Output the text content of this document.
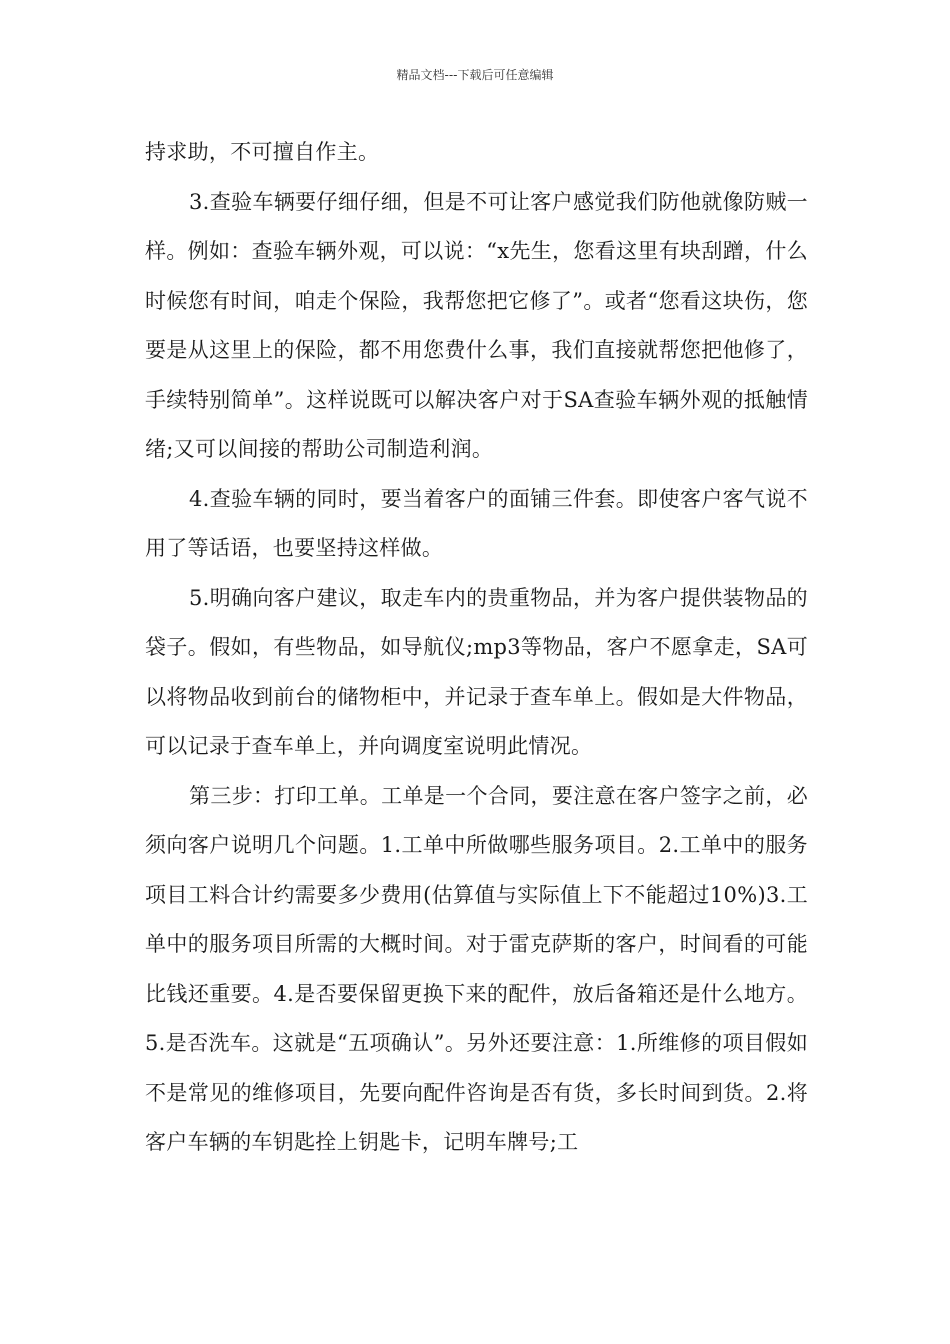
精品文档---下载后可任意编辑

持求助，不可擅自作主。

3.查验车辆要仔细仔细，但是不可让客户感觉我们防他就像防贼一样。例如：查验车辆外观，可以说：“x先生，您看这里有块刮蹭，什么时候您有时间，咱走个保险，我帮您把它修了”。或者“您看这块伤，您要是从这里上的保险，都不用您费什么事，我们直接就帮您把他修了，手续特别简单”。这样说既可以解决客户对于SA查验车辆外观的抵触情绪;又可以间接的帮助公司制造利润。

4.查验车辆的同时，要当着客户的面铺三件套。即使客户客气说不用了等话语，也要坚持这样做。

5.明确向客户建议，取走车内的贵重物品，并为客户提供装物品的袋子。假如，有些物品，如导航仪;mp3等物品，客户不愿拿走，SA可以将物品收到前台的储物柜中，并记录于查车单上。假如是大件物品，可以记录于查车单上，并向调度室说明此情况。

第三步：打印工单。工单是一个合同，要注意在客户签字之前，必须向客户说明几个问题。1.工单中所做哪些服务项目。2.工单中的服务项目工料合计约需要多少费用(估算值与实际值上下不能超过10%)3.工单中的服务项目所需的大概时间。对于雷克萨斯的客户，时间看的可能比钱还重要。4.是否要保留更换下来的配件，放后备箱还是什么地方。5.是否洗车。这就是“五项确认”。另外还要注意：1.所维修的项目假如不是常见的维修项目，先要向配件咨询是否有货，多长时间到货。2.将客户车辆的车钥匙拴上钥匙卡，记明车牌号;工
